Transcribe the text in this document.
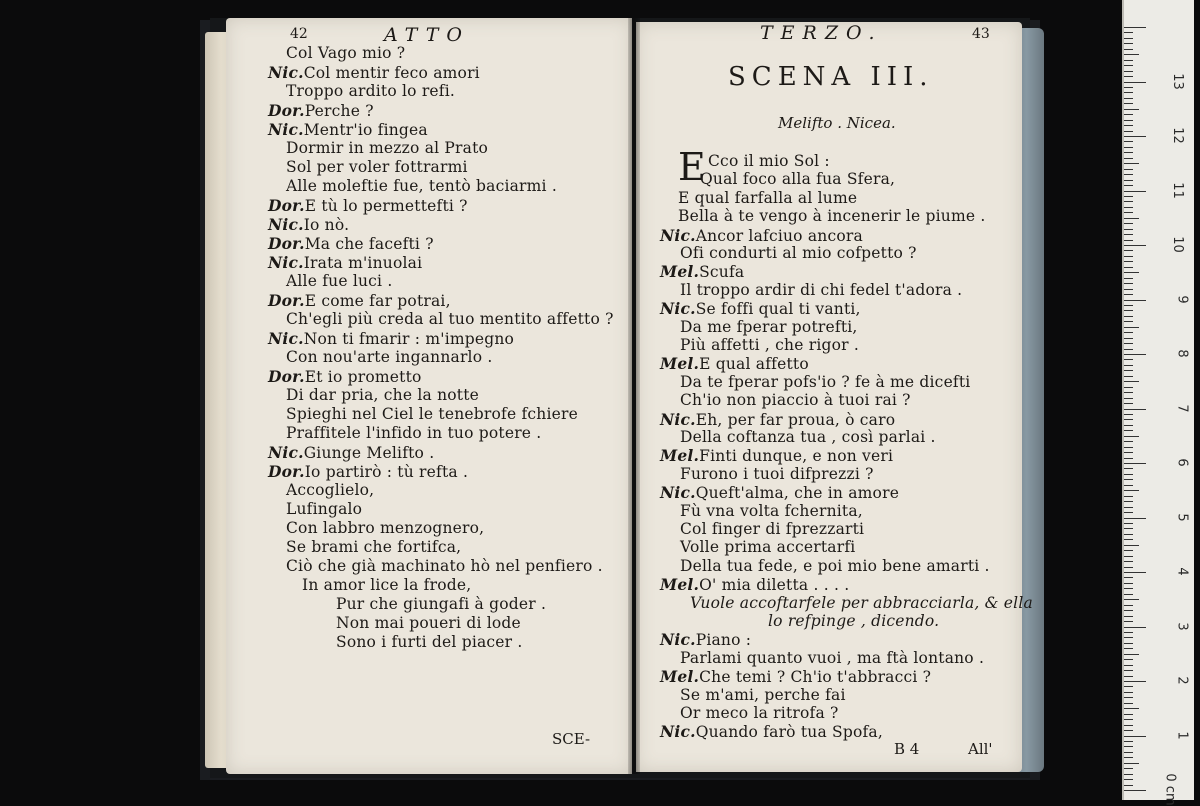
42	ATTO
Col Vago mio ?
Nic.Col mentir feco amori
Troppo ardito lo refi.
Dor.Perche ?
Nic.Mentr'io fingea
Dormir in mezzo al Prato
Sol per voler fottrarmi
Alle moleftie fue, tentò baciarmi .
Dor.E tù lo permettefti ?
Nic.Io nò.
Dor.Ma che facefti ?
Nic.Irata m'inuolai
Alle fue luci .
Dor.E come far potrai,
Ch'egli più creda al tuo mentito affetto ?
Nic.Non ti fmarir : m'impegno
Con nou'arte ingannarlo .
Dor.Et io prometto
Di dar pria, che la notte
Spieghi nel Ciel le tenebrofe fchiere
Praffitele l'infido in tuo potere .
Nic.Giunge Melifto .
Dor.Io partirò : tù refta .
Accoglielo,
Lufingalo
Con labbro menzognero,
Se brami che fortifca,
Ciò che già machinato hò nel penfiero .
In amor lice la frode,
Pur che giungafi à goder .
Non mai poueri di lode
Sono i furti del piacer .
SCE-
TERZO.	43
SCENA III.
Melifto . Nicea.
E Cco il mio Sol :
Qual foco alla fua Sfera,
E qual farfalla al lume
Bella à te vengo à incenerir le piume .
Nic.Ancor lafciuo ancora
Ofi condurti al mio cofpetto ?
Mel.Scufa
Il troppo ardir di chi fedel t'adora .
Nic.Se foffi qual ti vanti,
Da me fperar potrefti,
Più affetti , che rigor .
Mel.E qual affetto
Da te fperar pofs'io ? fe à me dicefti
Ch'io non piaccio à tuoi rai ?
Nic.Eh, per far proua, ò caro
Della coftanza tua , così parlai .
Mel.Finti dunque, e non veri
Furono i tuoi difprezzi ?
Nic.Queft'alma, che in amore
Fù vna volta fchernita,
Col finger di fprezzarti
Volle prima accertarfi
Della tua fede, e poi mio bene amarti .
Mel.O' mia diletta . . . .
Vuole accoftarfele per abbracciarla, & ella
lo refpinge , dicendo.
Nic.Piano :
Parlami quanto vuoi , ma ftà lontano .
Mel.Che temi ? Ch'io t'abbracci ?
Se m'ami, perche fai
Or meco la ritrofa ?
Nic.Quando farò tua Spofa,
B 4	All'
13
12
11
10
9
8
7
6
5
4
3
2
1
0 cm
